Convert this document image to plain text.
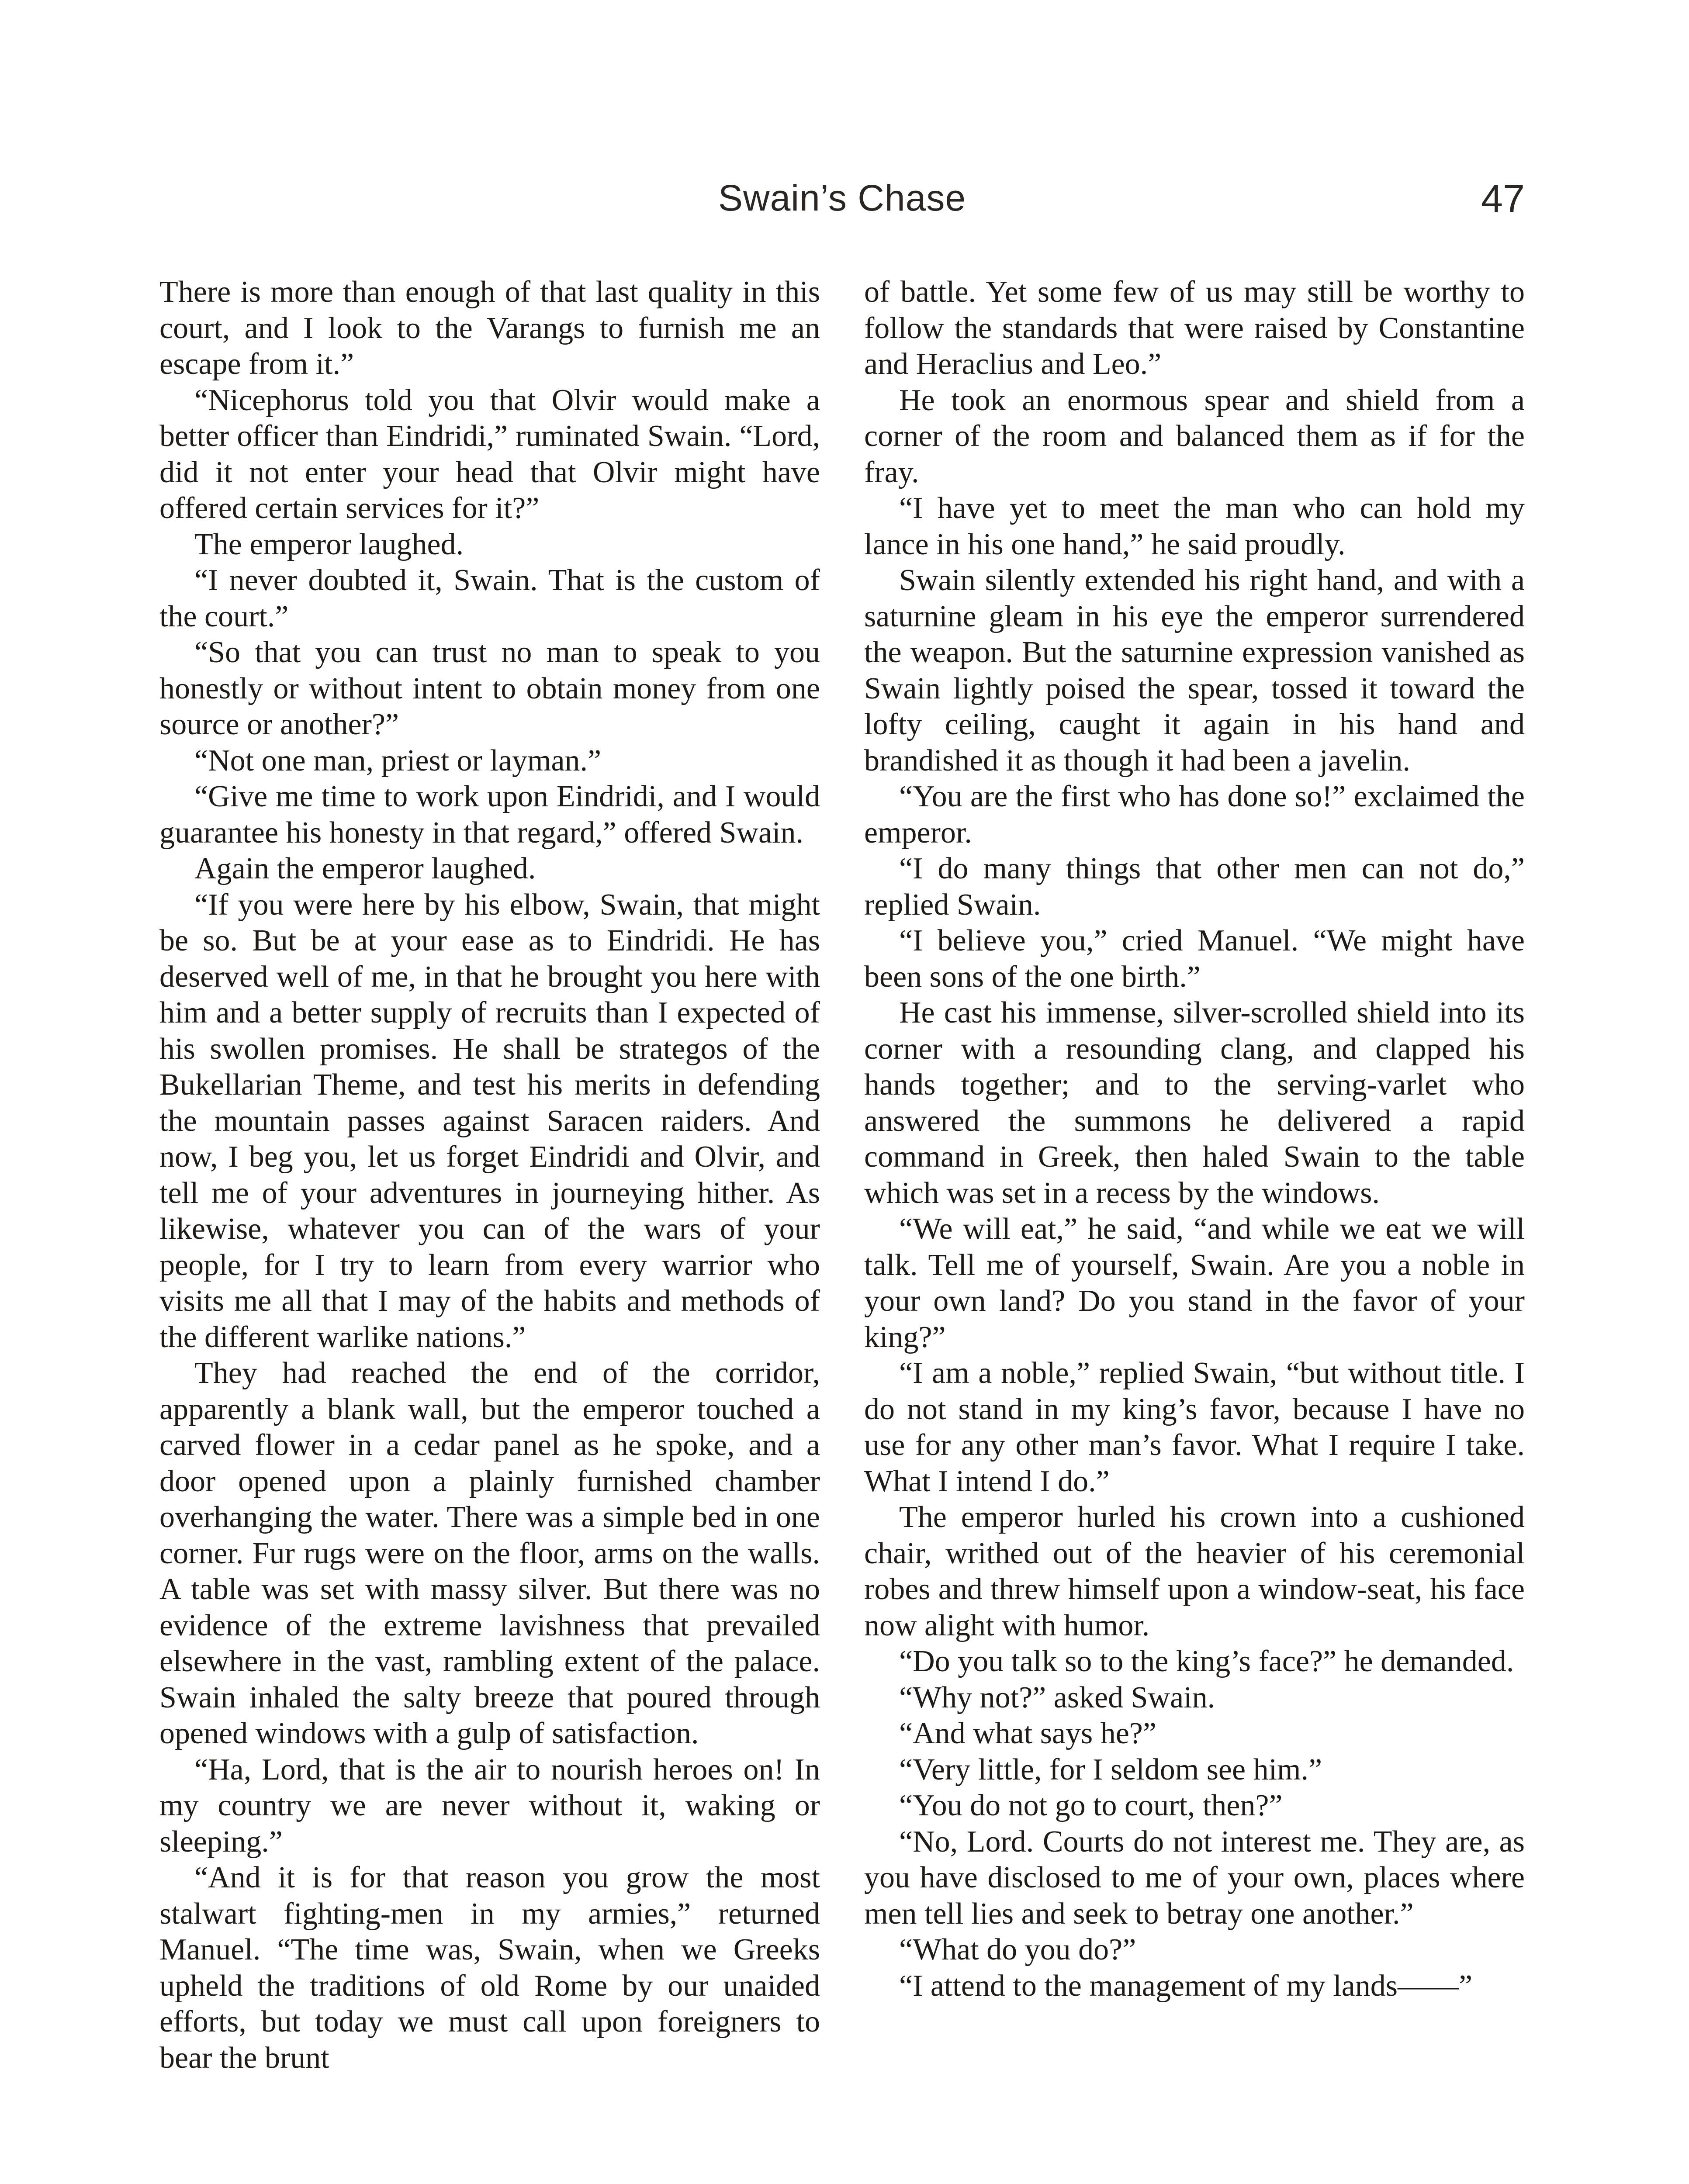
Swain’s Chase	47

There is more than enough of that last quality in this court, and I look to the Varangs to furnish me an escape from it.”

“Nicephorus told you that Olvir would make a better officer than Eindridi,” ruminated Swain. “Lord, did it not enter your head that Olvir might have offered certain services for it?”

The emperor laughed.

“I never doubted it, Swain. That is the custom of the court.”

“So that you can trust no man to speak to you honestly or without intent to obtain money from one source or another?”

“Not one man, priest or layman.”

“Give me time to work upon Eindridi, and I would guarantee his honesty in that regard,” offered Swain.

Again the emperor laughed.

“If you were here by his elbow, Swain, that might be so. But be at your ease as to Eindridi. He has deserved well of me, in that he brought you here with him and a better supply of recruits than I expected of his swollen promises. He shall be strategos of the Bukellarian Theme, and test his merits in defending the mountain passes against Saracen raiders. And now, I beg you, let us forget Eindridi and Olvir, and tell me of your adventures in journeying hither. As likewise, whatever you can of the wars of your people, for I try to learn from every warrior who visits me all that I may of the habits and methods of the different warlike nations.”

They had reached the end of the corridor, apparently a blank wall, but the emperor touched a carved flower in a cedar panel as he spoke, and a door opened upon a plainly furnished chamber overhanging the water. There was a simple bed in one corner. Fur rugs were on the floor, arms on the walls. A table was set with massy silver. But there was no evidence of the extreme lavishness that prevailed elsewhere in the vast, rambling extent of the palace. Swain inhaled the salty breeze that poured through opened windows with a gulp of satisfaction.

“Ha, Lord, that is the air to nourish heroes on! In my country we are never without it, waking or sleeping.”

“And it is for that reason you grow the most stalwart fighting-men in my armies,” returned Manuel. “The time was, Swain, when we Greeks upheld the traditions of old Rome by our unaided efforts, but today we must call upon foreigners to bear the brunt

of battle. Yet some few of us may still be worthy to follow the standards that were raised by Constantine and Heraclius and Leo.”

He took an enormous spear and shield from a corner of the room and balanced them as if for the fray.

“I have yet to meet the man who can hold my lance in his one hand,” he said proudly.

Swain silently extended his right hand, and with a saturnine gleam in his eye the emperor surrendered the weapon. But the saturnine expression vanished as Swain lightly poised the spear, tossed it toward the lofty ceiling, caught it again in his hand and brandished it as though it had been a javelin.

“You are the first who has done so!” exclaimed the emperor.

“I do many things that other men can not do,” replied Swain.

“I believe you,” cried Manuel. “We might have been sons of the one birth.”

He cast his immense, silver-scrolled shield into its corner with a resounding clang, and clapped his hands together; and to the serving-varlet who answered the summons he delivered a rapid command in Greek, then haled Swain to the table which was set in a recess by the windows.

“We will eat,” he said, “and while we eat we will talk. Tell me of yourself, Swain. Are you a noble in your own land? Do you stand in the favor of your king?”

“I am a noble,” replied Swain, “but without title. I do not stand in my king’s favor, because I have no use for any other man’s favor. What I require I take. What I intend I do.”

The emperor hurled his crown into a cushioned chair, writhed out of the heavier of his ceremonial robes and threw himself upon a window-seat, his face now alight with humor.

“Do you talk so to the king’s face?” he demanded.

“Why not?” asked Swain.

“And what says he?”

“Very little, for I seldom see him.”

“You do not go to court, then?”

“No, Lord. Courts do not interest me. They are, as you have disclosed to me of your own, places where men tell lies and seek to betray one another.”

“What do you do?”

“I attend to the management of my lands——”
